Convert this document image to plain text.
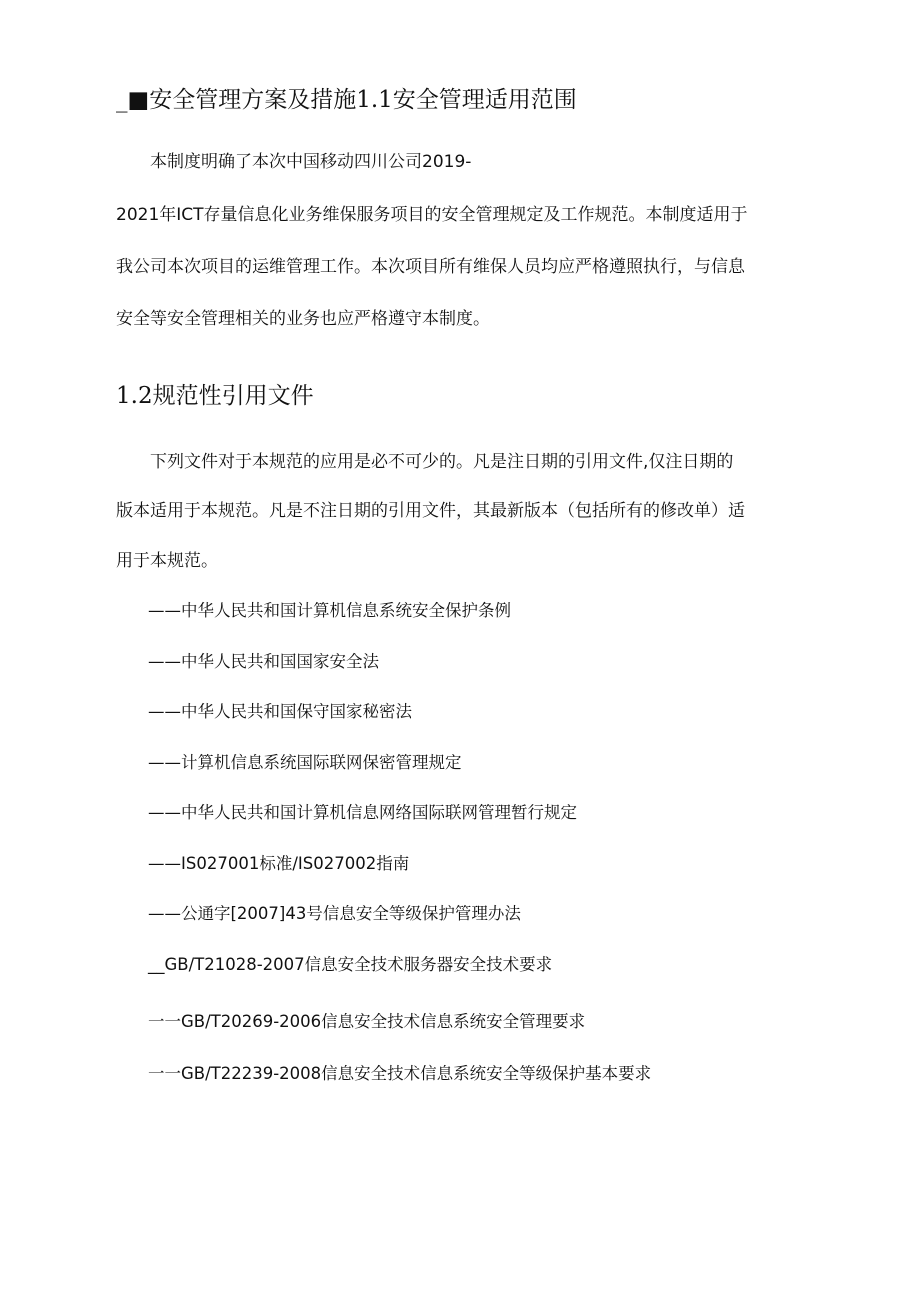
_■安全管理方案及措施1.1安全管理适用范围
本制度明确了本次中国移动四川公司2019-
2021年ICT存量信息化业务维保服务项目的安全管理规定及工作规范。本制度适用于
我公司本次项目的运维管理工作。本次项目所有维保人员均应严格遵照执行，与信息
安全等安全管理相关的业务也应严格遵守本制度。
1.2规范性引用文件
下列文件对于本规范的应用是必不可少的。凡是注日期的引用文件,仅注日期的
版本适用于本规范。凡是不注日期的引用文件，其最新版本（包括所有的修改单）适
用于本规范。
——中华人民共和国计算机信息系统安全保护条例
——中华人民共和国国家安全法
——中华人民共和国保守国家秘密法
——计算机信息系统国际联网保密管理规定
——中华人民共和国计算机信息网络国际联网管理暂行规定
——IS027001标准/IS027002指南
——公通字[2007]43号信息安全等级保护管理办法
__GB/T21028-2007信息安全技术服务器安全技术要求
一一GB/T20269-2006信息安全技术信息系统安全管理要求
一一GB/T22239-2008信息安全技术信息系统安全等级保护基本要求
